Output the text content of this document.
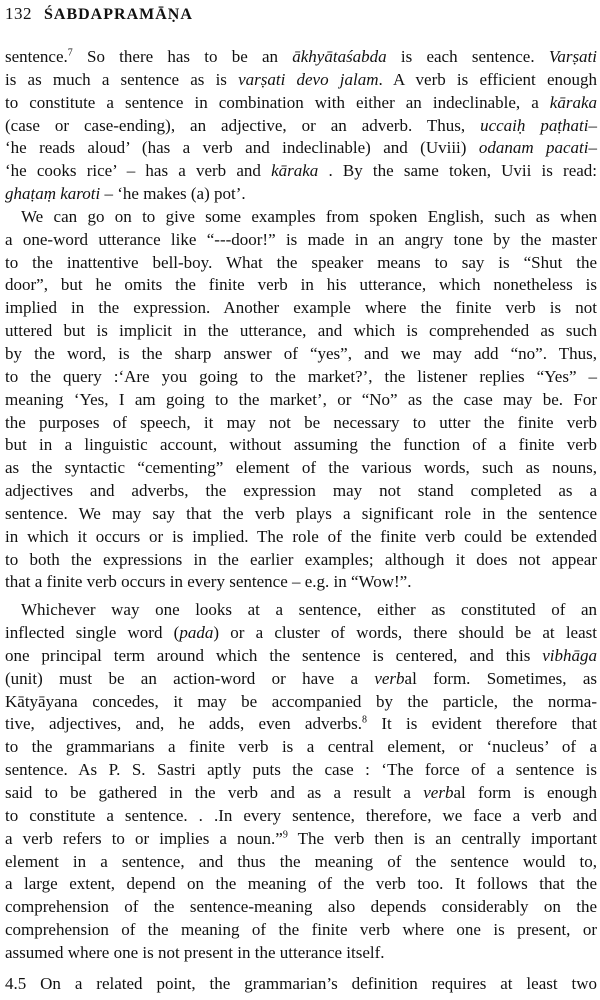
132 ŚABDAPRAMĀṆA
sentence.$^7$ So there has to be an ākhyātaśabda is each sentence. Varṣati
is as much a sentence as is varṣati devo jalam. A verb is efficient enough
to constitute a sentence in combination with either an indeclinable, a kāraka
(case or case-ending), an adjective, or an adverb. Thus, uccaiḥ paṭhati–
‘he reads aloud’ (has a verb and indeclinable) and (Uviii) odanam pacati–
‘he cooks rice’ – has a verb and kāraka . By the same token, Uvii is read:
ghaṭaṃ karoti – ‘he makes (a) pot’.
We can go on to give some examples from spoken English, such as when
a one-word utterance like “---door!” is made in an angry tone by the master
to the inattentive bell-boy. What the speaker means to say is “Shut the
door”, but he omits the finite verb in his utterance, which nonetheless is
implied in the expression. Another example where the finite verb is not
uttered but is implicit in the utterance, and which is comprehended as such
by the word, is the sharp answer of “yes”, and we may add “no”. Thus,
to the query :‘Are you going to the market?’, the listener replies “Yes” –
meaning ‘Yes, I am going to the market’, or “No” as the case may be. For
the purposes of speech, it may not be necessary to utter the finite verb
but in a linguistic account, without assuming the function of a finite verb
as the syntactic “cementing” element of the various words, such as nouns,
adjectives and adverbs, the expression may not stand completed as a
sentence. We may say that the verb plays a significant role in the sentence
in which it occurs or is implied. The role of the finite verb could be extended
to both the expressions in the earlier examples; although it does not appear
that a finite verb occurs in every sentence – e.g. in “Wow!”.
Whichever way one looks at a sentence, either as constituted of an
inflected single word (pada) or a cluster of words, there should be at least
one principal term around which the sentence is centered, and this vibhāga
(unit) must be an action-word or have a verbal form. Sometimes, as
Kātyāyana concedes, it may be accompanied by the particle, the norma-
tive, adjectives, and, he adds, even adverbs.$^8$ It is evident therefore that
to the grammarians a finite verb is a central element, or ‘nucleus’ of a
sentence. As P. S. Sastri aptly puts the case : ‘The force of a sentence is
said to be gathered in the verb and as a result a verbal form is enough
to constitute a sentence. . .In every sentence, therefore, we face a verb and
a verb refers to or implies a noun.”$^9$ The verb then is an centrally important
element in a sentence, and thus the meaning of the sentence would to,
a large extent, depend on the meaning of the verb too. It follows that the
comprehension of the sentence-meaning also depends considerably on the
comprehension of the meaning of the finite verb where one is present, or
assumed where one is not present in the utterance itself.
4.5 On a related point, the grammarian’s definition requires at least two
